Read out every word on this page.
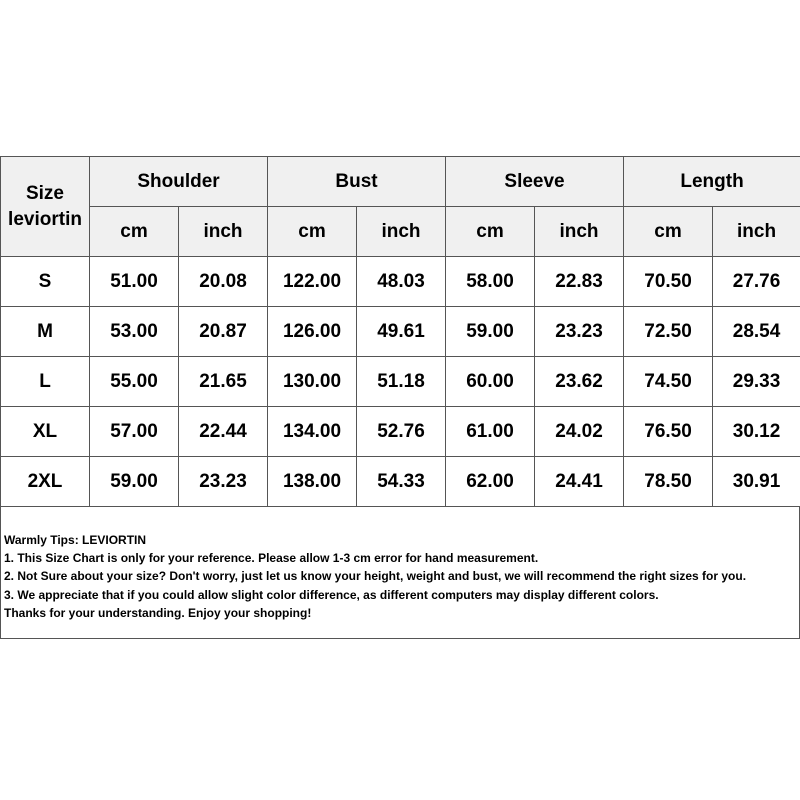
Size
leviortin	Shoulder		Bust		Sleeve		Length	
	cm	inch	cm	inch	cm	inch	cm	inch
S	51.00	20.08	122.00	48.03	58.00	22.83	70.50	27.76
M	53.00	20.87	126.00	49.61	59.00	23.23	72.50	28.54
L	55.00	21.65	130.00	51.18	60.00	23.62	74.50	29.33
XL	57.00	22.44	134.00	52.76	61.00	24.02	76.50	30.12
2XL	59.00	23.23	138.00	54.33	62.00	24.41	78.50	30.91
Warmly Tips: LEVIORTIN
1. This Size Chart is only for your reference. Please allow 1-3 cm error for hand measurement.
2. Not Sure about your size? Don't worry, just let us know your height, weight and bust, we will recommend the right sizes for you.
3. We appreciate that if you could allow slight color difference, as different computers may display different colors.
Thanks for your understanding. Enjoy your shopping!
